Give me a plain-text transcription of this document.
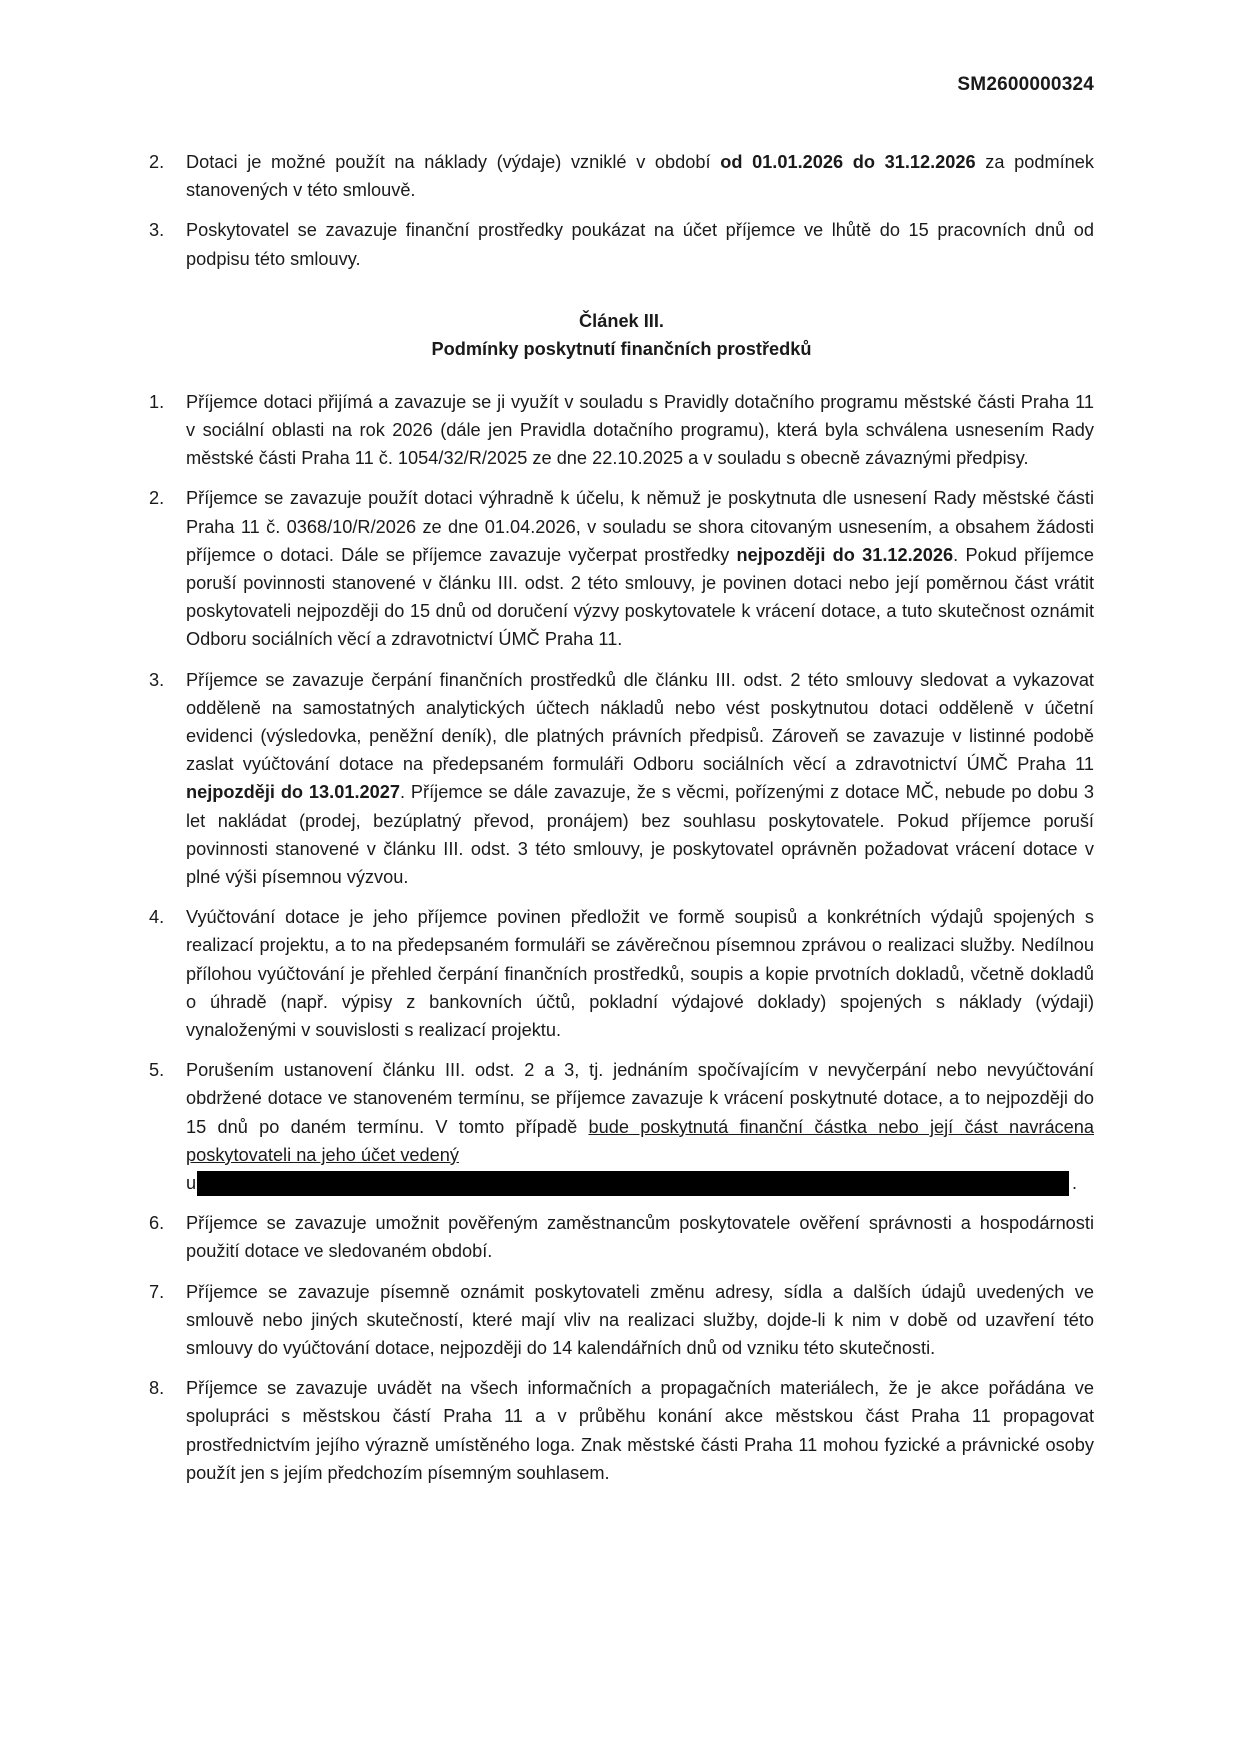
SM2600000324
2. Dotaci je možné použít na náklady (výdaje) vzniklé v období od 01.01.2026 do 31.12.2026 za podmínek stanovených v této smlouvě.
3. Poskytovatel se zavazuje finanční prostředky poukázat na účet příjemce ve lhůtě do 15 pracovních dnů od podpisu této smlouvy.
Článek III.
Podmínky poskytnutí finančních prostředků
1. Příjemce dotaci přijímá a zavazuje se ji využít v souladu s Pravidly dotačního programu městské části Praha 11 v sociální oblasti na rok 2026 (dále jen Pravidla dotačního programu), která byla schválena usnesením Rady městské části Praha 11 č. 1054/32/R/2025 ze dne 22.10.2025 a v souladu s obecně závaznými předpisy.
2. Příjemce se zavazuje použít dotaci výhradně k účelu, k němuž je poskytnuta dle usnesení Rady městské části Praha 11 č. 0368/10/R/2026 ze dne 01.04.2026, v souladu se shora citovaným usnesením, a obsahem žádosti příjemce o dotaci. Dále se příjemce zavazuje vyčerpat prostředky nejpozději do 31.12.2026. Pokud příjemce poruší povinnosti stanovené v článku III. odst. 2 této smlouvy, je povinen dotaci nebo její poměrnou část vrátit poskytovateli nejpozději do 15 dnů od doručení výzvy poskytovatele k vrácení dotace, a tuto skutečnost oznámit Odboru sociálních věcí a zdravotnictví ÚMČ Praha 11.
3. Příjemce se zavazuje čerpání finančních prostředků dle článku III. odst. 2 této smlouvy sledovat a vykazovat odděleně na samostatných analytických účtech nákladů nebo vést poskytnutou dotaci odděleně v účetní evidenci (výsledovka, peněžní deník), dle platných právních předpisů. Zároveň se zavazuje v listinné podobě zaslat vyúčtování dotace na předepsaném formuláři Odboru sociálních věcí a zdravotnictví ÚMČ Praha 11 nejpozději do 13.01.2027. Příjemce se dále zavazuje, že s věcmi, pořízenými z dotace MČ, nebude po dobu 3 let nakládat (prodej, bezúplatný převod, pronájem) bez souhlasu poskytovatele. Pokud příjemce poruší povinnosti stanovené v článku III. odst. 3 této smlouvy, je poskytovatel oprávněn požadovat vrácení dotace v plné výši písemnou výzvou.
4. Vyúčtování dotace je jeho příjemce povinen předložit ve formě soupisů a konkrétních výdajů spojených s realizací projektu, a to na předepsaném formuláři se závěrečnou písemnou zprávou o realizaci služby. Nedílnou přílohou vyúčtování je přehled čerpání finančních prostředků, soupis a kopie prvotních dokladů, včetně dokladů o úhradě (např. výpisy z bankovních účtů, pokladní výdajové doklady) spojených s náklady (výdaji) vynaloženými v souvislosti s realizací projektu.
5. Porušením ustanovení článku III. odst. 2 a 3, tj. jednáním spočívajícím v nevyčerpání nebo nevyúčtování obdržené dotace ve stanoveném termínu, se příjemce zavazuje k vrácení poskytnuté dotace, a to nejpozději do 15 dnů po daném termínu. V tomto případě bude poskytnutá finanční částka nebo její část navrácena poskytovateli na jeho účet vedený
u	.
6. Příjemce se zavazuje umožnit pověřeným zaměstnancům poskytovatele ověření správnosti a hospodárnosti použití dotace ve sledovaném období.
7. Příjemce se zavazuje písemně oznámit poskytovateli změnu adresy, sídla a dalších údajů uvedených ve smlouvě nebo jiných skutečností, které mají vliv na realizaci služby, dojde-li k nim v době od uzavření této smlouvy do vyúčtování dotace, nejpozději do 14 kalendářních dnů od vzniku této skutečnosti.
8. Příjemce se zavazuje uvádět na všech informačních a propagačních materiálech, že je akce pořádána ve spolupráci s městskou částí Praha 11 a v průběhu konání akce městskou část Praha 11 propagovat prostřednictvím jejího výrazně umístěného loga. Znak městské části Praha 11 mohou fyzické a právnické osoby použít jen s jejím předchozím písemným souhlasem.
